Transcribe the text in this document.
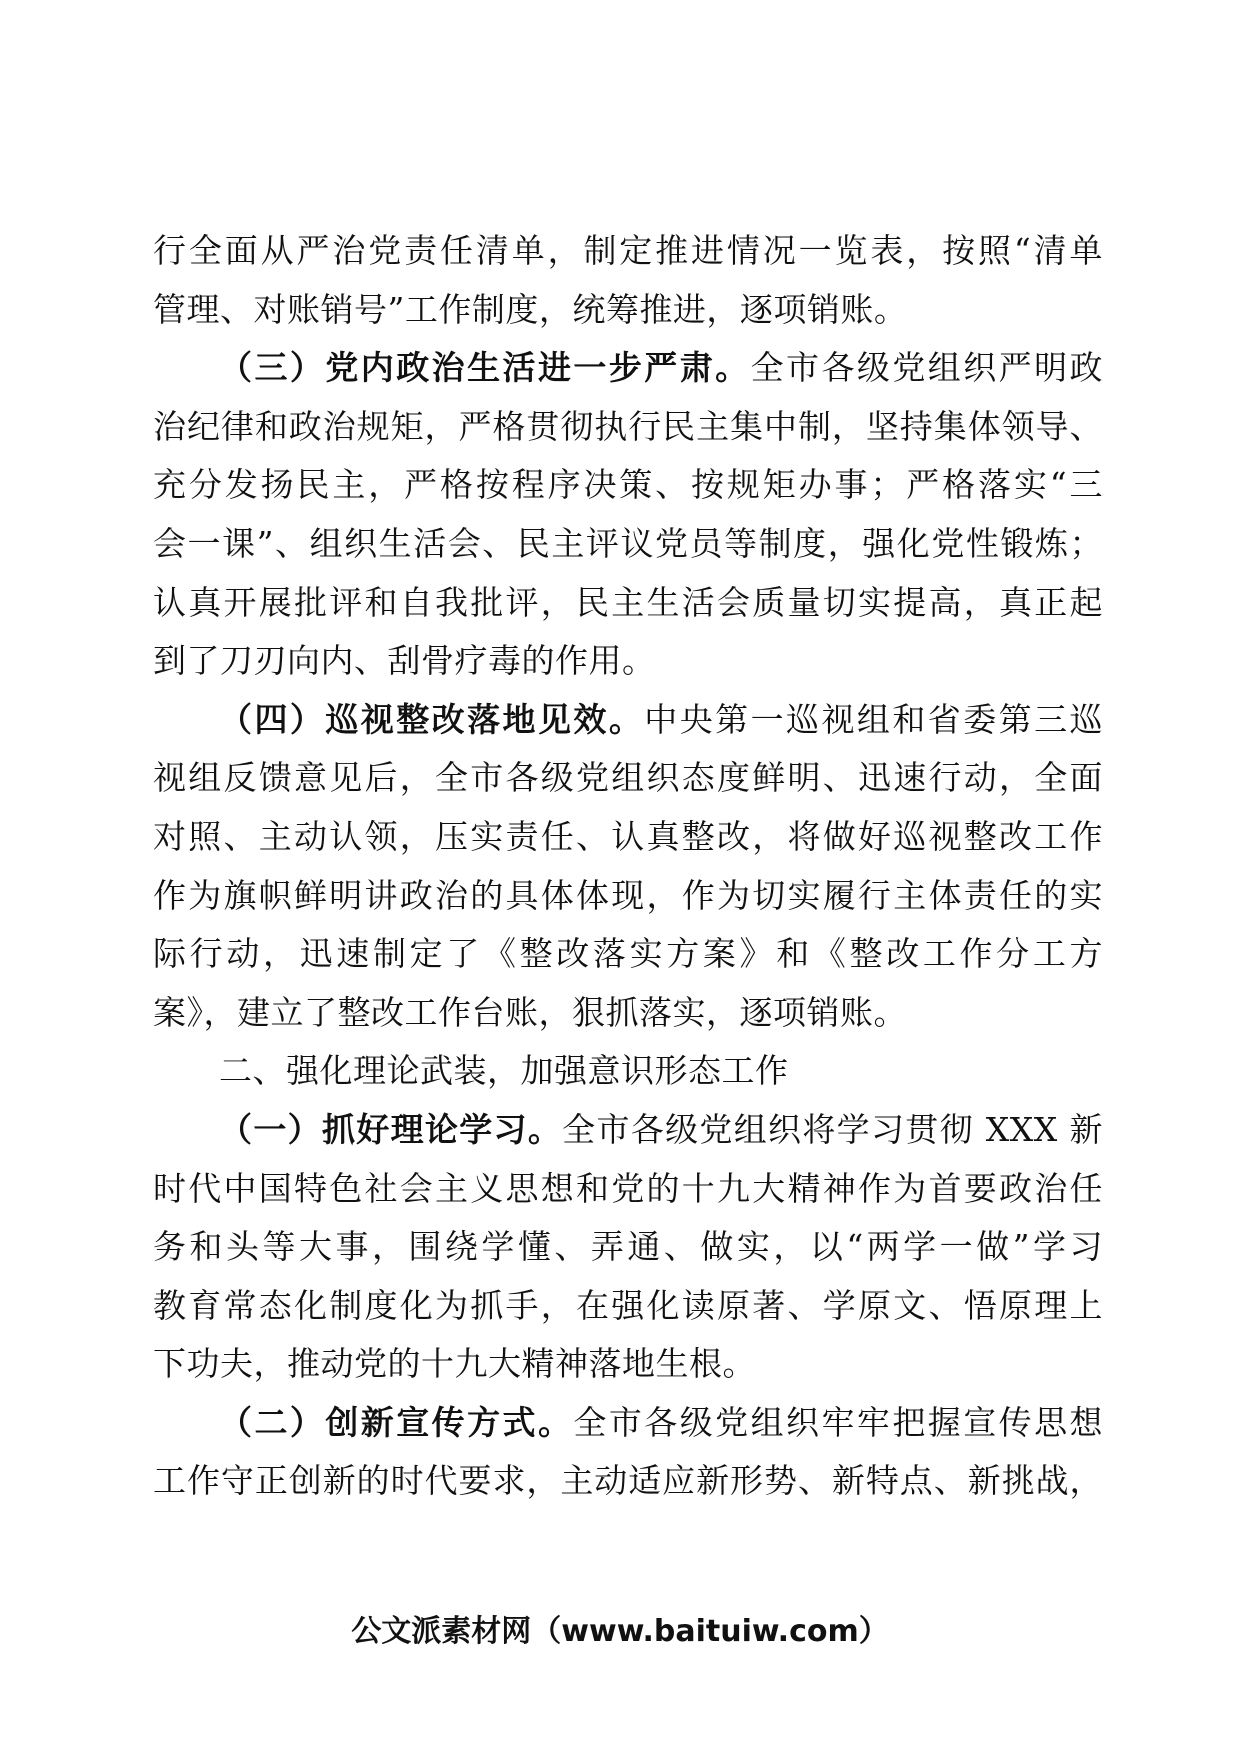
行全面从严治党责任清单，制定推进情况一览表，按照“清单
管理、对账销号”工作制度，统筹推进，逐项销账。
（三）党内政治生活进一步严肃。全市各级党组织严明政
治纪律和政治规矩，严格贯彻执行民主集中制，坚持集体领导、
充分发扬民主，严格按程序决策、按规矩办事；严格落实“三
会一课”、组织生活会、民主评议党员等制度，强化党性锻炼；
认真开展批评和自我批评，民主生活会质量切实提高，真正起
到了刀刃向内、刮骨疗毒的作用。
（四）巡视整改落地见效。中央第一巡视组和省委第三巡
视组反馈意见后，全市各级党组织态度鲜明、迅速行动，全面
对照、主动认领，压实责任、认真整改，将做好巡视整改工作
作为旗帜鲜明讲政治的具体体现，作为切实履行主体责任的实
际行动，迅速制定了《整改落实方案》和《整改工作分工方
案》，建立了整改工作台账，狠抓落实，逐项销账。
二、强化理论武装，加强意识形态工作
（一）抓好理论学习。全市各级党组织将学习贯彻 XXX 新
时代中国特色社会主义思想和党的十九大精神作为首要政治任
务和头等大事，围绕学懂、弄通、做实，以“两学一做”学习
教育常态化制度化为抓手，在强化读原著、学原文、悟原理上
下功夫，推动党的十九大精神落地生根。
（二）创新宣传方式。全市各级党组织牢牢把握宣传思想
工作守正创新的时代要求，主动适应新形势、新特点、新挑战，
公文派素材网（www.baituiw.com）
